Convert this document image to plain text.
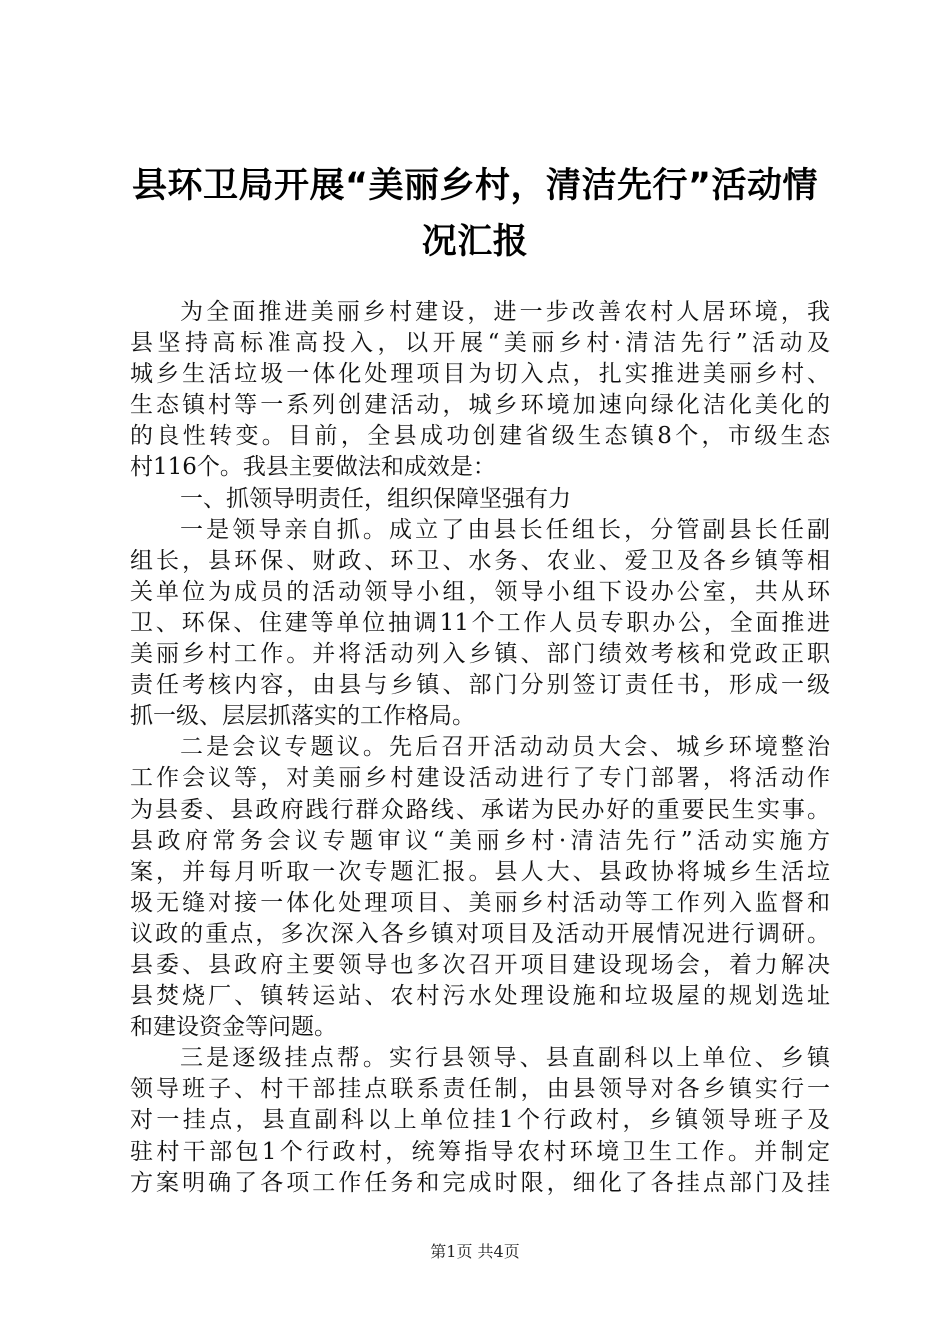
县环卫局开展“美丽乡村，清洁先行”活动情
况汇报
为全面推进美丽乡村建设，进一步改善农村人居环境，我
县坚持高标准高投入，以开展“美丽乡村·清洁先行”活动及
城乡生活垃圾一体化处理项目为切入点，扎实推进美丽乡村、
生态镇村等一系列创建活动，城乡环境加速向绿化洁化美化的
的良性转变。目前，全县成功创建省级生态镇8个，市级生态
村116个。我县主要做法和成效是：
一、抓领导明责任，组织保障坚强有力
一是领导亲自抓。成立了由县长任组长，分管副县长任副
组长，县环保、财政、环卫、水务、农业、爱卫及各乡镇等相
关单位为成员的活动领导小组，领导小组下设办公室，共从环
卫、环保、住建等单位抽调11个工作人员专职办公，全面推进
美丽乡村工作。并将活动列入乡镇、部门绩效考核和党政正职
责任考核内容，由县与乡镇、部门分别签订责任书，形成一级
抓一级、层层抓落实的工作格局。
二是会议专题议。先后召开活动动员大会、城乡环境整治
工作会议等，对美丽乡村建设活动进行了专门部署，将活动作
为县委、县政府践行群众路线、承诺为民办好的重要民生实事。
县政府常务会议专题审议“美丽乡村·清洁先行”活动实施方
案，并每月听取一次专题汇报。县人大、县政协将城乡生活垃
圾无缝对接一体化处理项目、美丽乡村活动等工作列入监督和
议政的重点，多次深入各乡镇对项目及活动开展情况进行调研。
县委、县政府主要领导也多次召开项目建设现场会，着力解决
县焚烧厂、镇转运站、农村污水处理设施和垃圾屋的规划选址
和建设资金等问题。
三是逐级挂点帮。实行县领导、县直副科以上单位、乡镇
领导班子、村干部挂点联系责任制，由县领导对各乡镇实行一
对一挂点，县直副科以上单位挂1个行政村，乡镇领导班子及
驻村干部包1个行政村，统筹指导农村环境卫生工作。并制定
方案明确了各项工作任务和完成时限，细化了各挂点部门及挂
第1页 共4页
